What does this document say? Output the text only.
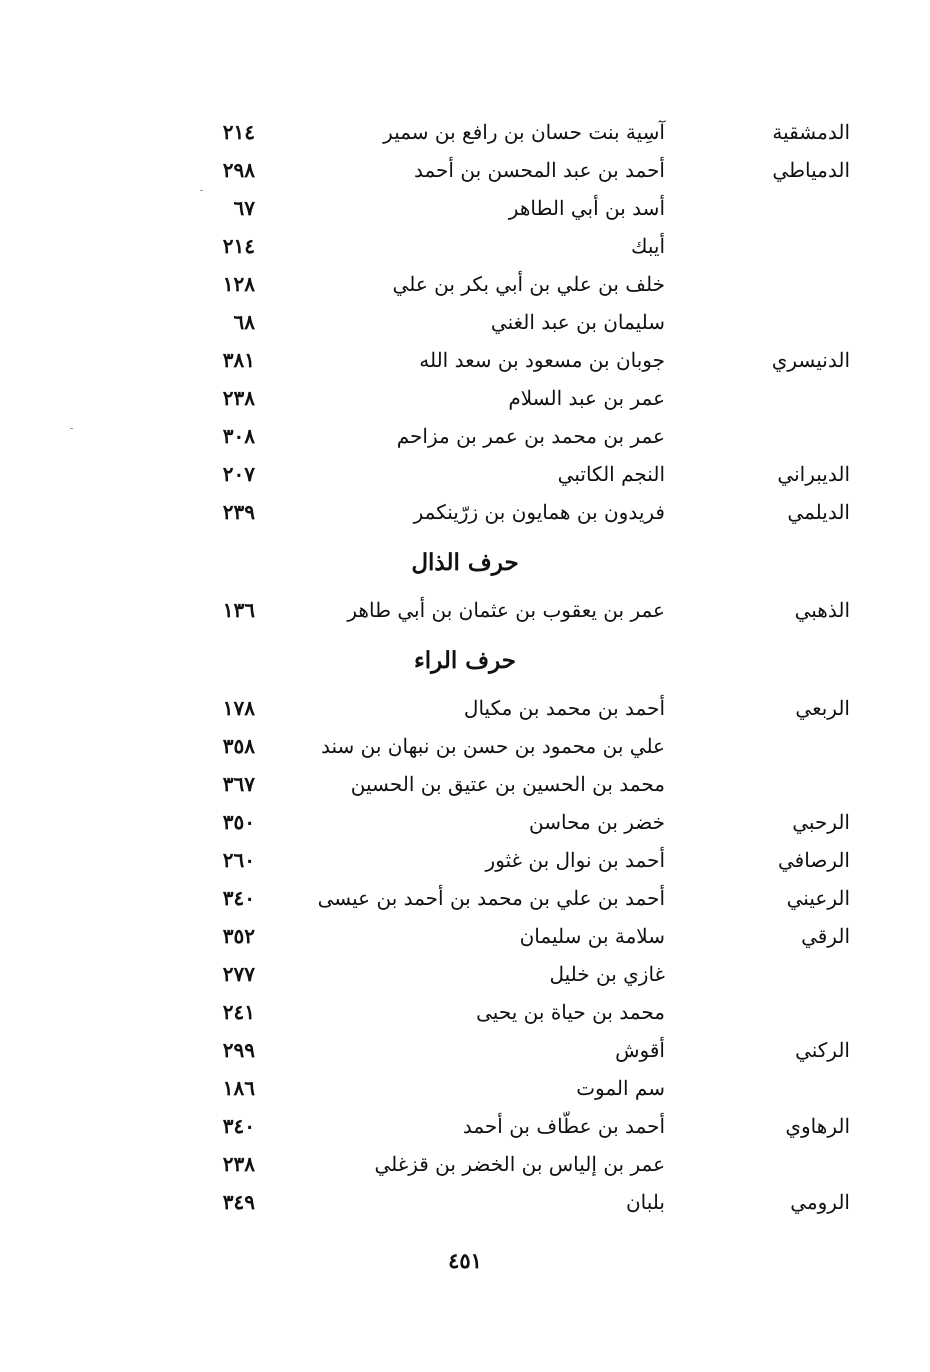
الدمشقية
آسِية بنت حسان بن رافع بن سمير
٢١٤
الدمياطي
أحمد بن عبد المحسن بن أحمد
٢٩٨
أسد بن أبي الطاهر
٦٧
أيبك
٢١٤
خلف بن علي بن أبي بكر بن علي
١٢٨
سليمان بن عبد الغني
٦٨
الدنيسري
جوبان بن مسعود بن سعد الله
٣٨١
عمر بن عبد السلام
٢٣٨
عمر بن محمد بن عمر بن مزاحم
٣٠٨
الديبراني
النجم الكاتبي
٢٠٧
الديلمي
فريدون بن همايون بن زرّينكمر
٢٣٩
حرف الذال
الذهبي
عمر بن يعقوب بن عثمان بن أبي طاهر
١٣٦
حرف الراء
الربعي
أحمد بن محمد بن مكيال
١٧٨
علي بن محمود بن حسن بن نبهان بن سند
٣٥٨
محمد بن الحسين بن عتيق بن الحسين
٣٦٧
الرحبي
خضر بن محاسن
٣٥٠
الرصافي
أحمد بن نوال بن غثور
٢٦٠
الرعيني
أحمد بن علي بن محمد بن أحمد بن عيسى
٣٤٠
الرقي
سلامة بن سليمان
٣٥٢
غازي بن خليل
٢٧٧
محمد بن حياة بن يحيى
٢٤١
الركني
أقوش
٢٩٩
سم الموت
١٨٦
الرهاوي
أحمد بن عطّاف بن أحمد
٣٤٠
عمر بن إلياس بن الخضر بن قزغلي
٢٣٨
الرومي
بلبان
٣٤٩
٤٥١
